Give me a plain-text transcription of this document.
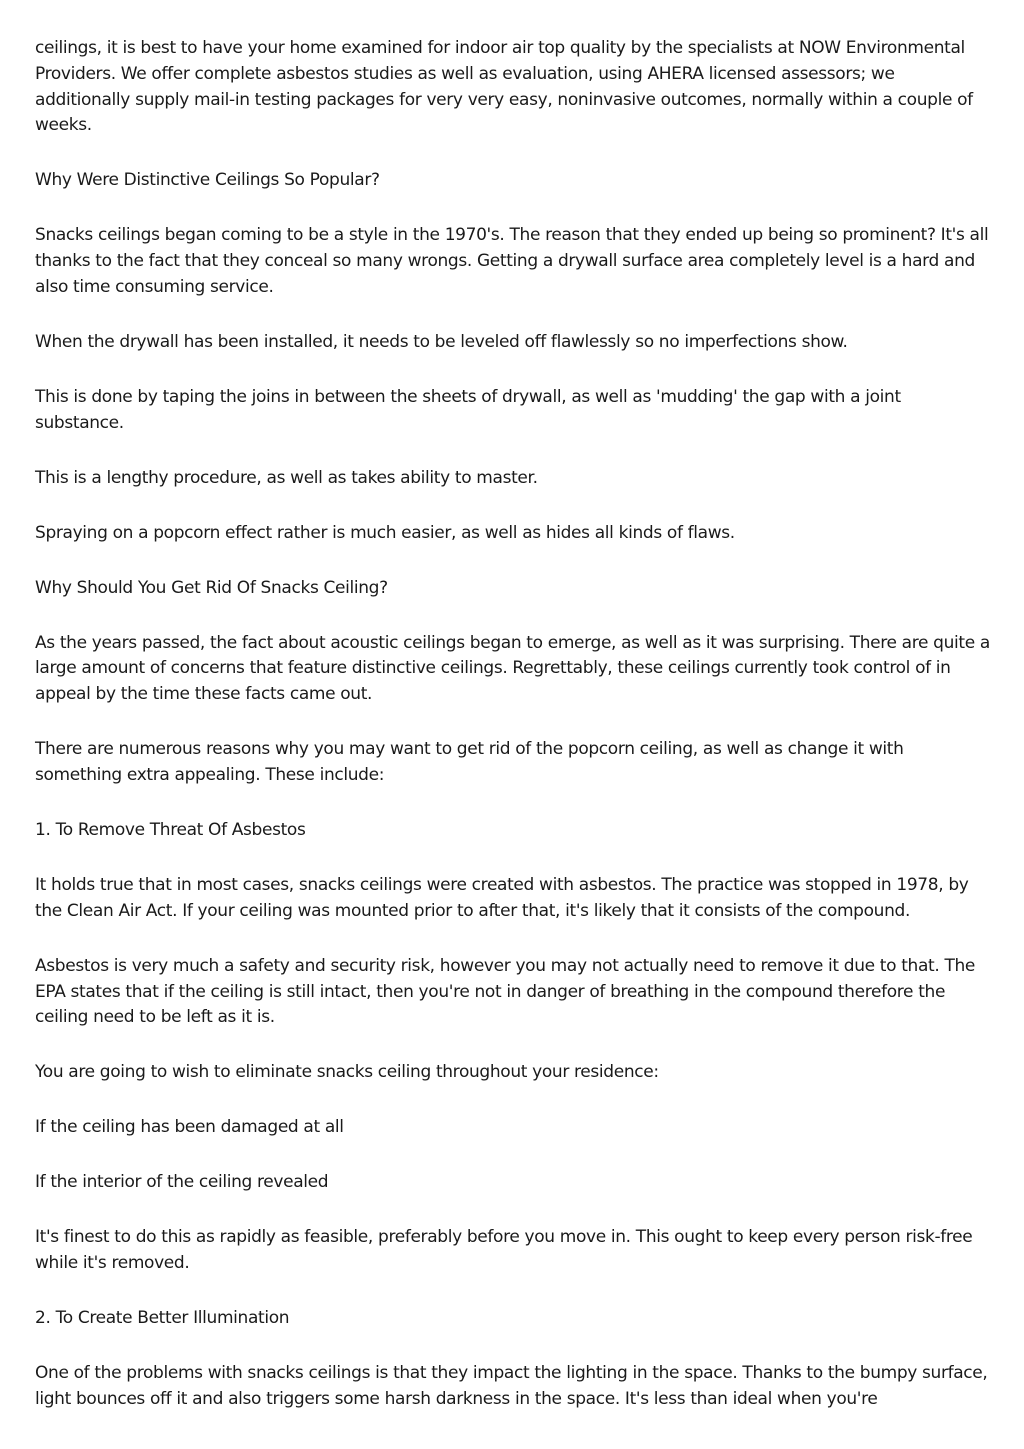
ceilings, it is best to have your home examined for indoor air top quality by the specialists at NOW Environmental Providers. We offer complete asbestos studies as well as evaluation, using AHERA licensed assessors; we additionally supply mail-in testing packages for very very easy, noninvasive outcomes, normally within a couple of weeks.

Why Were Distinctive Ceilings So Popular?

Snacks ceilings began coming to be a style in the 1970's. The reason that they ended up being so prominent? It's all thanks to the fact that they conceal so many wrongs. Getting a drywall surface area completely level is a hard and also time consuming service.

When the drywall has been installed, it needs to be leveled off flawlessly so no imperfections show.

This is done by taping the joins in between the sheets of drywall, as well as 'mudding' the gap with a joint substance.

This is a lengthy procedure, as well as takes ability to master.

Spraying on a popcorn effect rather is much easier, as well as hides all kinds of flaws.

Why Should You Get Rid Of Snacks Ceiling?

As the years passed, the fact about acoustic ceilings began to emerge, as well as it was surprising. There are quite a large amount of concerns that feature distinctive ceilings. Regrettably, these ceilings currently took control of in appeal by the time these facts came out.

There are numerous reasons why you may want to get rid of the popcorn ceiling, as well as change it with something extra appealing. These include:

1. To Remove Threat Of Asbestos

It holds true that in most cases, snacks ceilings were created with asbestos. The practice was stopped in 1978, by the Clean Air Act. If your ceiling was mounted prior to after that, it's likely that it consists of the compound.

Asbestos is very much a safety and security risk, however you may not actually need to remove it due to that. The EPA states that if the ceiling is still intact, then you're not in danger of breathing in the compound therefore the ceiling need to be left as it is.

You are going to wish to eliminate snacks ceiling throughout your residence:

If the ceiling has been damaged at all

If the interior of the ceiling revealed

It's finest to do this as rapidly as feasible, preferably before you move in. This ought to keep every person risk-free while it's removed.

2. To Create Better Illumination

One of the problems with snacks ceilings is that they impact the lighting in the space. Thanks to the bumpy surface, light bounces off it and also triggers some harsh darkness in the space. It's less than ideal when you're
